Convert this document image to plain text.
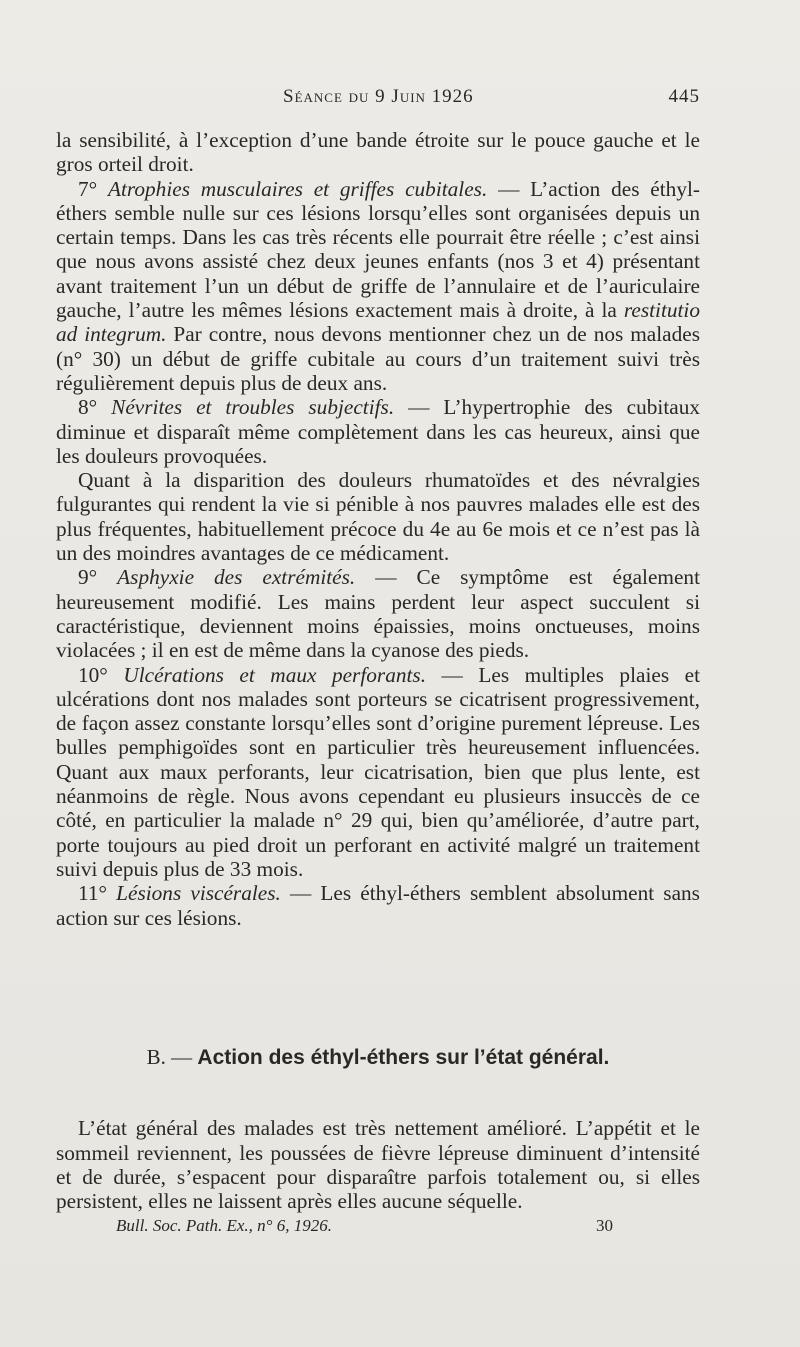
Séance du 9 Juin 1926	445

la sensibilité, à l’exception d’une bande étroite sur le pouce gauche et le gros orteil droit.

7° Atrophies musculaires et griffes cubitales. — L’action des éthyl-éthers semble nulle sur ces lésions lorsqu’elles sont organisées depuis un certain temps. Dans les cas très récents elle pourrait être réelle ; c’est ainsi que nous avons assisté chez deux jeunes enfants (nos 3 et 4) présentant avant traitement l’un un début de griffe de l’annulaire et de l’auriculaire gauche, l’autre les mêmes lésions exactement mais à droite, à la restitutio ad integrum. Par contre, nous devons mentionner chez un de nos malades (n° 30) un début de griffe cubitale au cours d’un traitement suivi très régulièrement depuis plus de deux ans.

8° Névrites et troubles subjectifs. — L’hypertrophie des cubitaux diminue et disparaît même complètement dans les cas heureux, ainsi que les douleurs provoquées.

Quant à la disparition des douleurs rhumatoïdes et des névralgies fulgurantes qui rendent la vie si pénible à nos pauvres malades elle est des plus fréquentes, habituellement précoce du 4e au 6e mois et ce n’est pas là un des moindres avantages de ce médicament.

9° Asphyxie des extrémités. — Ce symptôme est également heureusement modifié. Les mains perdent leur aspect succulent si caractéristique, deviennent moins épaissies, moins onctueuses, moins violacées ; il en est de même dans la cyanose des pieds.

10° Ulcérations et maux perforants. — Les multiples plaies et ulcérations dont nos malades sont porteurs se cicatrisent progressivement, de façon assez constante lorsqu’elles sont d’origine purement lépreuse. Les bulles pemphigoïdes sont en particulier très heureusement influencées. Quant aux maux perforants, leur cicatrisation, bien que plus lente, est néanmoins de règle. Nous avons cependant eu plusieurs insuccès de ce côté, en particulier la malade n° 29 qui, bien qu’améliorée, d’autre part, porte toujours au pied droit un perforant en activité malgré un traitement suivi depuis plus de 33 mois.

11° Lésions viscérales. — Les éthyl-éthers semblent absolument sans action sur ces lésions.

B. — Action des éthyl-éthers sur l’état général.

L’état général des malades est très nettement amélioré. L’appétit et le sommeil reviennent, les poussées de fièvre lépreuse diminuent d’intensité et de durée, s’espacent pour disparaître parfois totalement ou, si elles persistent, elles ne laissent après elles aucune séquelle.

Bull. Soc. Path. Ex., n° 6, 1926.	30
